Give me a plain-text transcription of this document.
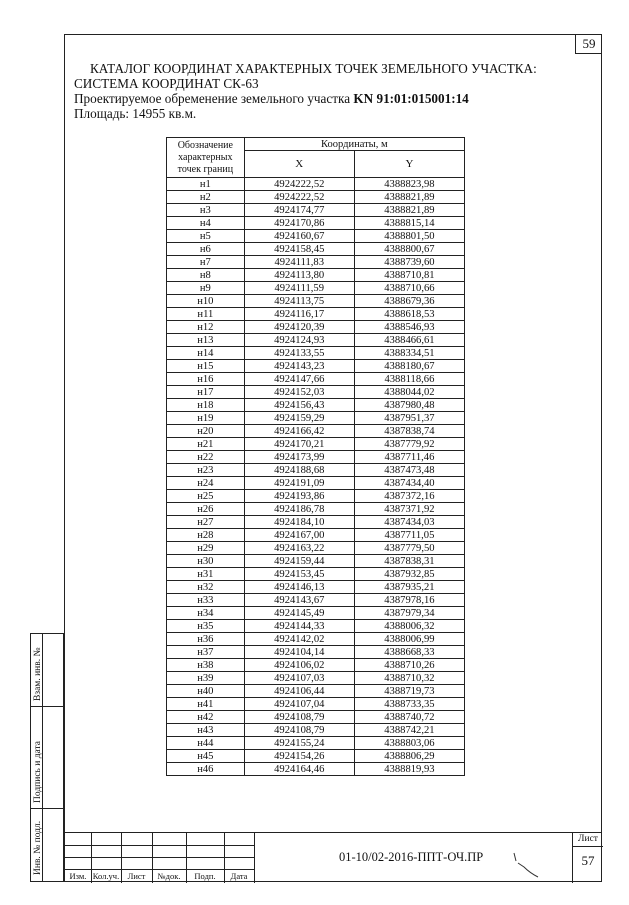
59
КАТАЛОГ КООРДИНАТ ХАРАКТЕРНЫХ ТОЧЕК ЗЕМЕЛЬНОГО УЧАСТКА:
СИСТЕМА КООРДИНАТ СК-63
Проектируемое обременение земельного участка KN 91:01:015001:14
Площадь: 14955 кв.м.
Обозначение характерных точек границ	Координаты, м	
	X	Y
н1	4924222,52	4388823,98
н2	4924222,52	4388821,89
н3	4924174,77	4388821,89
н4	4924170,86	4388815,14
н5	4924160,67	4388801,50
н6	4924158,45	4388800,67
н7	4924111,83	4388739,60
н8	4924113,80	4388710,81
н9	4924111,59	4388710,66
н10	4924113,75	4388679,36
н11	4924116,17	4388618,53
н12	4924120,39	4388546,93
н13	4924124,93	4388466,61
н14	4924133,55	4388334,51
н15	4924143,23	4388180,67
н16	4924147,66	4388118,66
н17	4924152,03	4388044,02
н18	4924156,43	4387980,48
н19	4924159,29	4387951,37
н20	4924166,42	4387838,74
н21	4924170,21	4387779,92
н22	4924173,99	4387711,46
н23	4924188,68	4387473,48
н24	4924191,09	4387434,40
н25	4924193,86	4387372,16
н26	4924186,78	4387371,92
н27	4924184,10	4387434,03
н28	4924167,00	4387711,05
н29	4924163,22	4387779,50
н30	4924159,44	4387838,31
н31	4924153,45	4387932,85
н32	4924146,13	4387935,21
н33	4924143,67	4387978,16
н34	4924145,49	4387979,34
н35	4924144,33	4388006,32
н36	4924142,02	4388006,99
н37	4924104,14	4388668,33
н38	4924106,02	4388710,26
н39	4924107,03	4388710,32
н40	4924106,44	4388719,73
н41	4924107,04	4388733,35
н42	4924108,79	4388740,72
н43	4924108,79	4388742,21
н44	4924155,24	4388803,06
н45	4924154,26	4388806,29
н46	4924164,46	4388819,93
Взам. инв. №
Подпись и дата
Инв. № подл.
Изм. Кол.уч. Лист	№док.	Подп.	Дата
01-10/02-2016-ППТ-ОЧ.ПР
Лист
57
